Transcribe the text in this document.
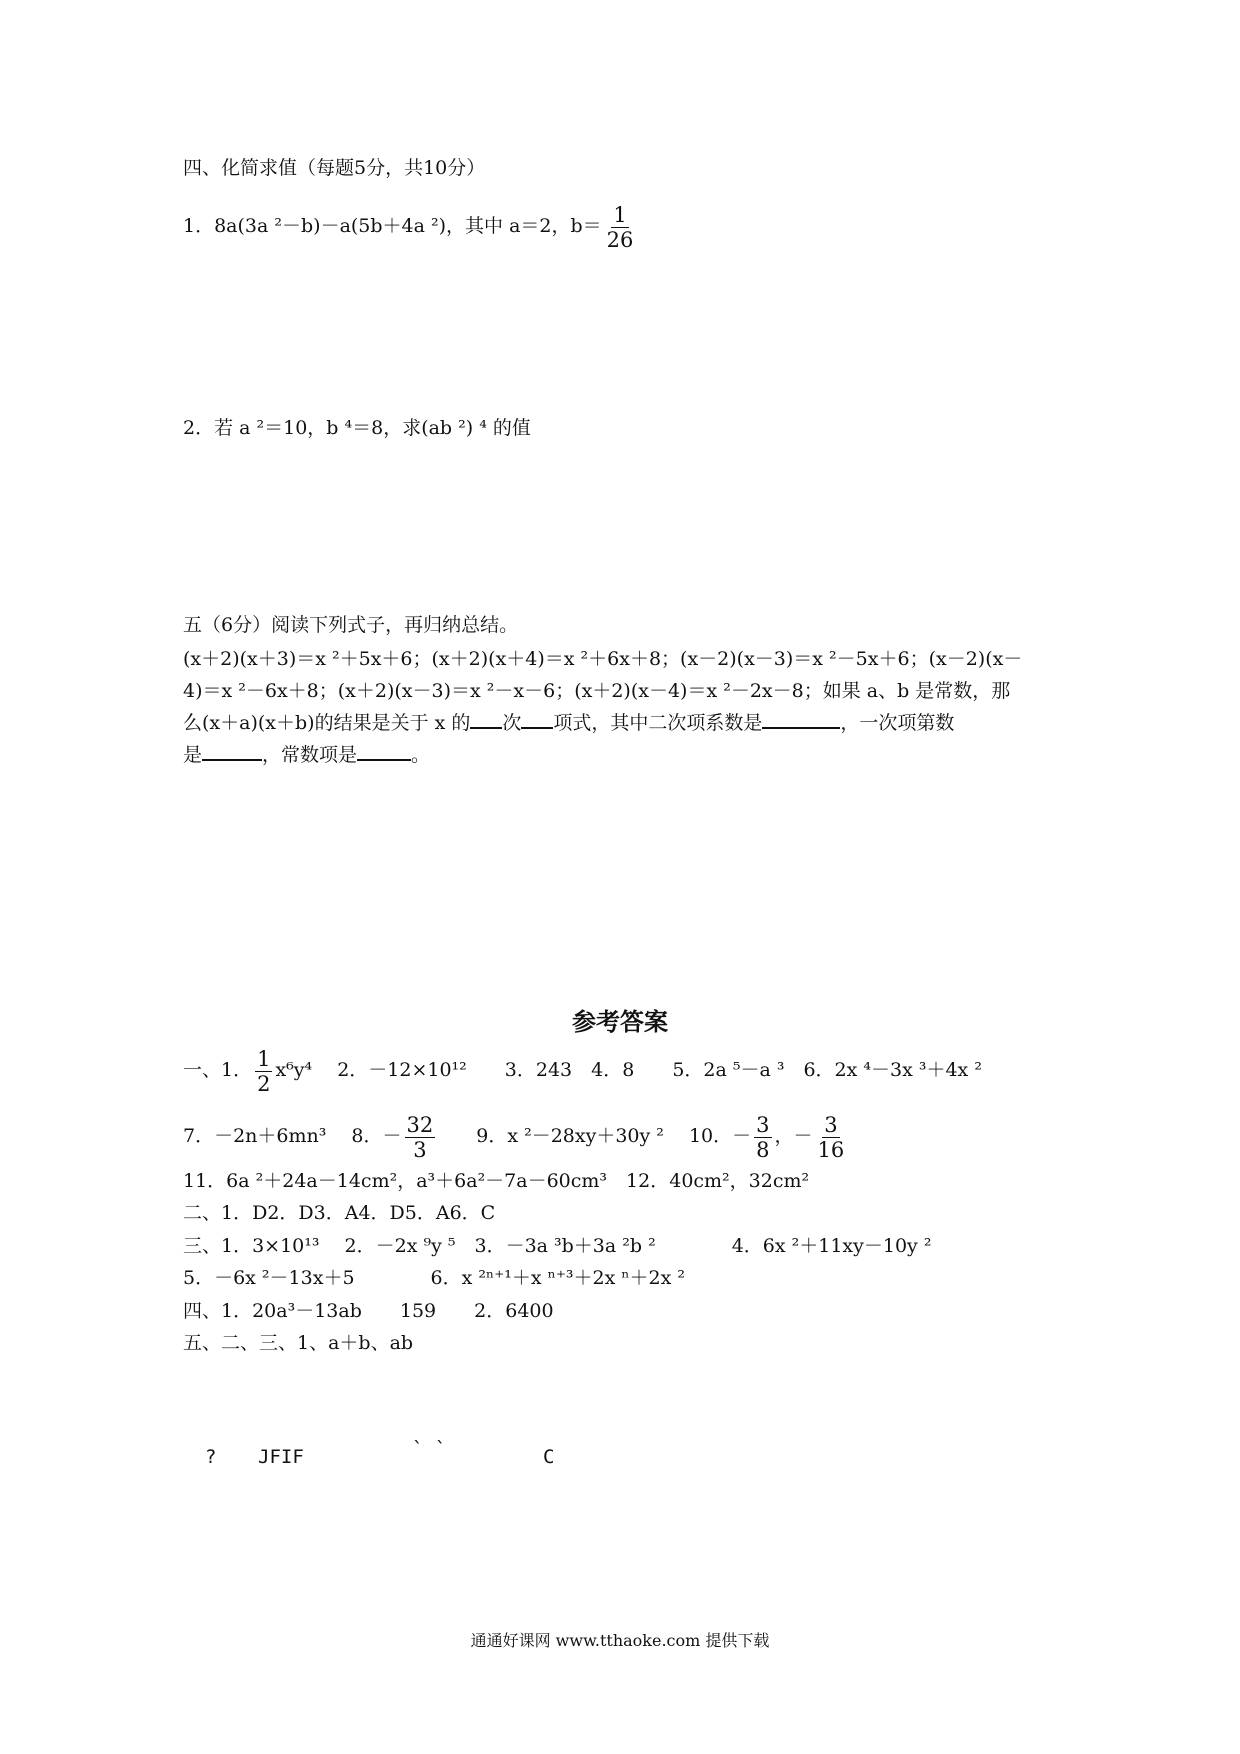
四、化简求值（每题5分，共10分）
1．8a(3a ²－b)－a(5b＋4a ²)，其中 a＝2，$b= \frac{1}{26}$
2．若 a ²＝10，b ⁴＝8，求(ab ²) ⁴ 的值
五（6分）阅读下列式子，再归纳总结。
(x＋2)(x＋3)＝x ²＋5x＋6；(x＋2)(x＋4)＝x ²＋6x＋8；(x－2)(x－3)＝x ²－5x＋6；(x－2)(x－
4)＝x ²－6x＋8；(x＋2)(x－3)＝x ²－x－6；(x＋2)(x－4)＝x ²－2x－8；如果 a、b 是常数，那
么(x＋a)(x＋b)的结果是关于 x 的 次 项式，其中二次项系数是	，一次项第数
是	，常数项是	。
参考答案
一、1． $\frac{1}{2} x^6y^4$　 2．－12×10¹²　　3．243　4．8　　5．2a ⁵－a ³　6．2x ⁴－3x ³＋4x ²
7．－2n＋6mn³　 8．－ $\frac{32}{3}$ 　　9．x ²－28xy＋30y ²　 10．－ $\frac{3}{8}$ ，－ $\frac{3}{16}$
11．6a ²＋24a－14cm²，a³＋6a²－7a－60cm³　12．40cm²，32cm²
二、1．D2．D3．A4．D5．A6．C
三、1．3×10¹³　 2．－2x ⁹y ⁵　3．－3a ³b＋3a ²b ²　　　　4．6x ²＋11xy－10y ²
5．－6x ²－13x＋5　　　　6．x ²ⁿ⁺¹＋x ⁿ⁺³＋2x ⁿ＋2x ²
四、1．20a³－13ab　　159　　2．6400
五、二、三、1、a＋b、ab
? JFIF	` `	C
通通好课网 www.tthaoke.com 提供下载
